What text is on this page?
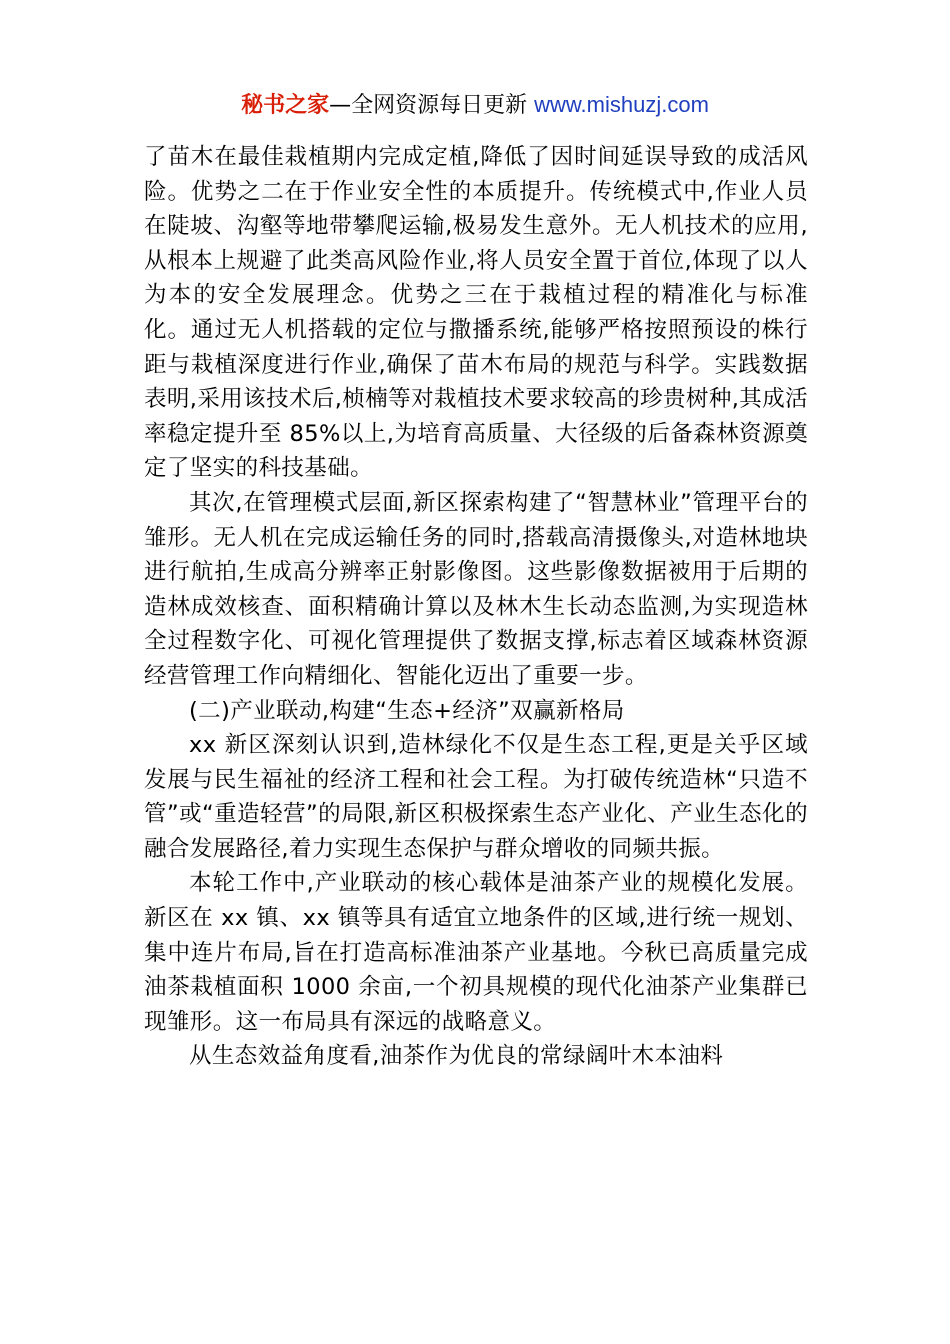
秘书之家—全网资源每日更新 www.mishuzj.com

了苗木在最佳栽植期内完成定植,降低了因时间延误导致的成活风险。优势之二在于作业安全性的本质提升。传统模式中,作业人员在陡坡、沟壑等地带攀爬运输,极易发生意外。无人机技术的应用,从根本上规避了此类高风险作业,将人员安全置于首位,体现了以人为本的安全发展理念。优势之三在于栽植过程的精准化与标准化。通过无人机搭载的定位与撒播系统,能够严格按照预设的株行距与栽植深度进行作业,确保了苗木布局的规范与科学。实践数据表明,采用该技术后,桢楠等对栽植技术要求较高的珍贵树种,其成活率稳定提升至 85%以上,为培育高质量、大径级的后备森林资源奠定了坚实的科技基础。

其次,在管理模式层面,新区探索构建了“智慧林业”管理平台的雏形。无人机在完成运输任务的同时,搭载高清摄像头,对造林地块进行航拍,生成高分辨率正射影像图。这些影像数据被用于后期的造林成效核查、面积精确计算以及林木生长动态监测,为实现造林全过程数字化、可视化管理提供了数据支撑,标志着区域森林资源经营管理工作向精细化、智能化迈出了重要一步。

(二)产业联动,构建“生态+经济”双赢新格局

xx 新区深刻认识到,造林绿化不仅是生态工程,更是关乎区域发展与民生福祉的经济工程和社会工程。为打破传统造林“只造不管”或“重造轻营”的局限,新区积极探索生态产业化、产业生态化的融合发展路径,着力实现生态保护与群众增收的同频共振。

本轮工作中,产业联动的核心载体是油茶产业的规模化发展。新区在 xx 镇、xx 镇等具有适宜立地条件的区域,进行统一规划、集中连片布局,旨在打造高标准油茶产业基地。今秋已高质量完成油茶栽植面积 1000 余亩,一个初具规模的现代化油茶产业集群已现雏形。这一布局具有深远的战略意义。

从生态效益角度看,油茶作为优良的常绿阔叶木本油料
